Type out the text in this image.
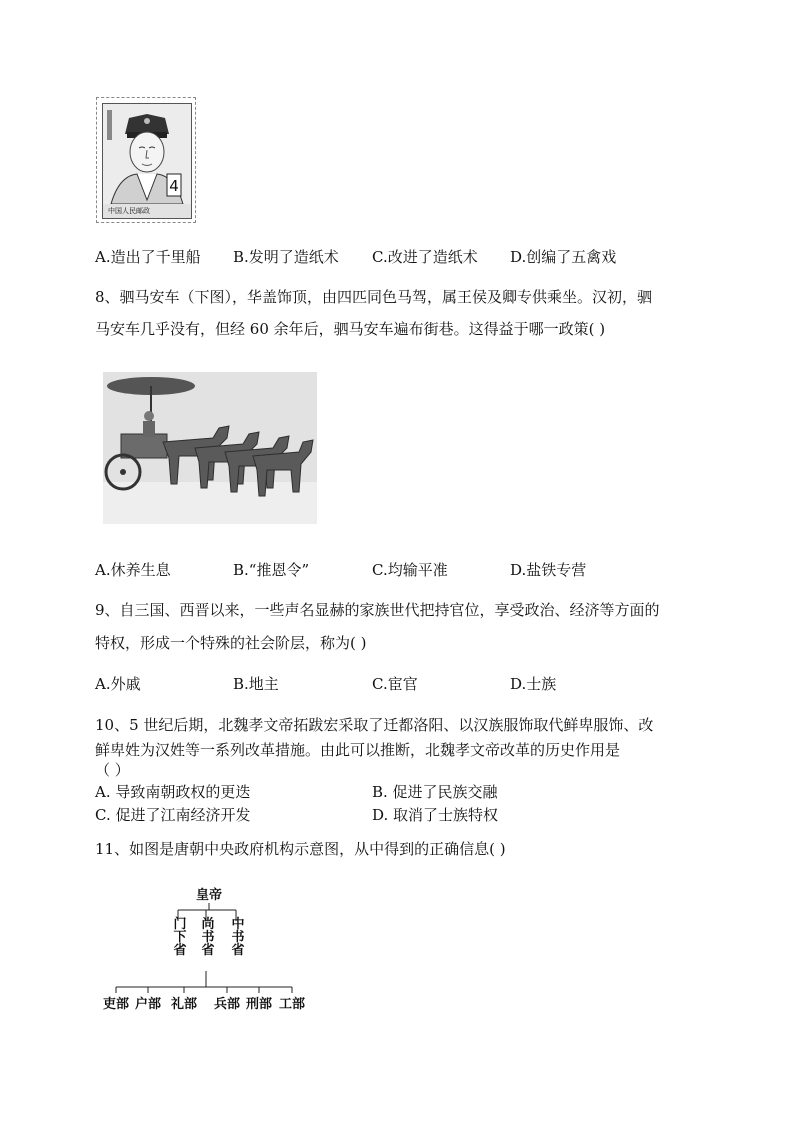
4
中国人民邮政
A.造出了千里船 B.发明了造纸术 C.改进了造纸术 D.创编了五禽戏
8、驷马安车（下图），华盖饰顶，由四匹同色马驾，属王侯及卿专供乘坐。汉初，驷
马安车几乎没有，但经 60 余年后，驷马安车遍布街巷。这得益于哪一政策( )
A.休养生息	B.“推恩令”	C.均输平准	D.盐铁专营
9、自三国、西晋以来，一些声名显赫的家族世代把持官位，享受政治、经济等方面的
特权，形成一个特殊的社会阶层，称为( )
A.外戚	B.地主	C.宦官	D.士族
10、5 世纪后期，北魏孝文帝拓跋宏采取了迁都洛阳、以汉族服饰取代鲜卑服饰、改
鲜卑姓为汉姓等一系列改革措施。由此可以推断，北魏孝文帝改革的历史作用是
（ ）
A. 导致南朝政权的更迭	B. 促进了民族交融
C. 促进了江南经济开发	D. 取消了士族特权
11、如图是唐朝中央政府机构示意图，从中得到的正确信息( )
皇帝
门下省 尚书省 中书省
吏部 户部 礼部 兵部 刑部 工部
